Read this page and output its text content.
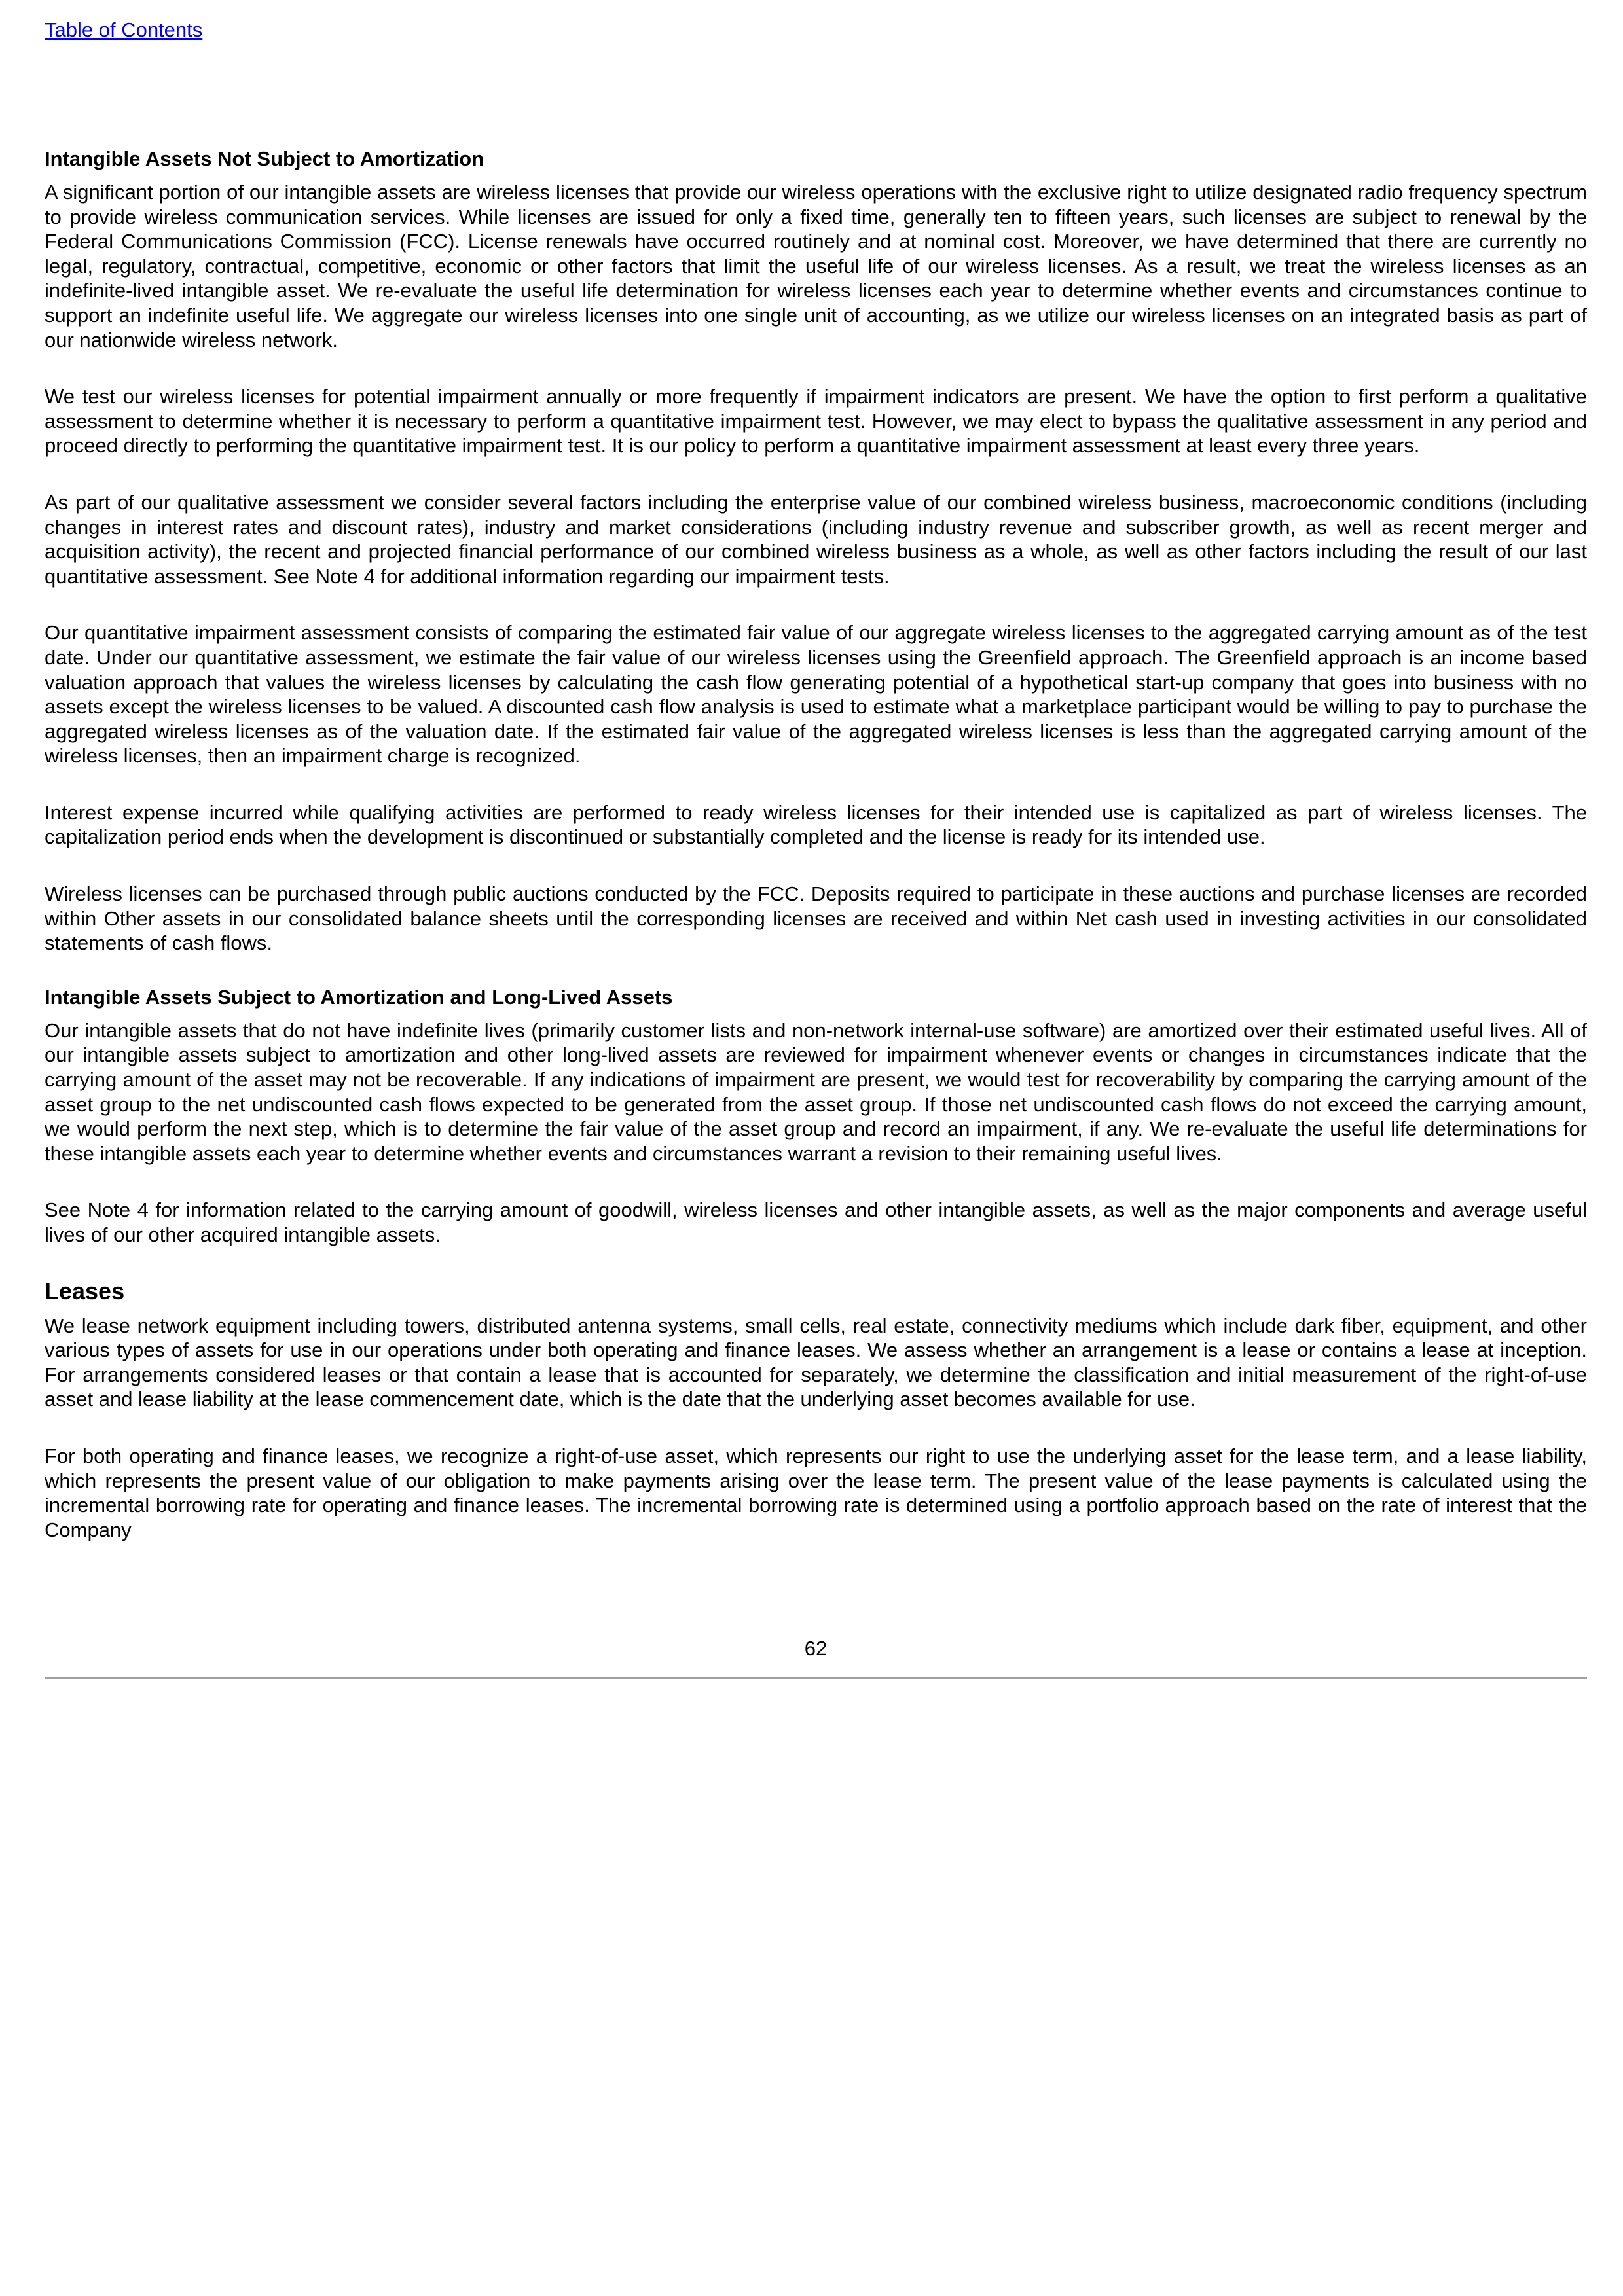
Table of Contents
Intangible Assets Not Subject to Amortization

A significant portion of our intangible assets are wireless licenses that provide our wireless operations with the exclusive right to utilize designated radio frequency spectrum to provide wireless communication services. While licenses are issued for only a fixed time, generally ten to fifteen years, such licenses are subject to renewal by the Federal Communications Commission (FCC). License renewals have occurred routinely and at nominal cost. Moreover, we have determined that there are currently no legal, regulatory, contractual, competitive, economic or other factors that limit the useful life of our wireless licenses. As a result, we treat the wireless licenses as an indefinite-lived intangible asset. We re-evaluate the useful life determination for wireless licenses each year to determine whether events and circumstances continue to support an indefinite useful life. We aggregate our wireless licenses into one single unit of accounting, as we utilize our wireless licenses on an integrated basis as part of our nationwide wireless network.

We test our wireless licenses for potential impairment annually or more frequently if impairment indicators are present. We have the option to first perform a qualitative assessment to determine whether it is necessary to perform a quantitative impairment test. However, we may elect to bypass the qualitative assessment in any period and proceed directly to performing the quantitative impairment test. It is our policy to perform a quantitative impairment assessment at least every three years.

As part of our qualitative assessment we consider several factors including the enterprise value of our combined wireless business, macroeconomic conditions (including changes in interest rates and discount rates), industry and market considerations (including industry revenue and subscriber growth, as well as recent merger and acquisition activity), the recent and projected financial performance of our combined wireless business as a whole, as well as other factors including the result of our last quantitative assessment. See Note 4 for additional information regarding our impairment tests.

Our quantitative impairment assessment consists of comparing the estimated fair value of our aggregate wireless licenses to the aggregated carrying amount as of the test date. Under our quantitative assessment, we estimate the fair value of our wireless licenses using the Greenfield approach. The Greenfield approach is an income based valuation approach that values the wireless licenses by calculating the cash flow generating potential of a hypothetical start-up company that goes into business with no assets except the wireless licenses to be valued. A discounted cash flow analysis is used to estimate what a marketplace participant would be willing to pay to purchase the aggregated wireless licenses as of the valuation date. If the estimated fair value of the aggregated wireless licenses is less than the aggregated carrying amount of the wireless licenses, then an impairment charge is recognized.

Interest expense incurred while qualifying activities are performed to ready wireless licenses for their intended use is capitalized as part of wireless licenses. The capitalization period ends when the development is discontinued or substantially completed and the license is ready for its intended use.

Wireless licenses can be purchased through public auctions conducted by the FCC. Deposits required to participate in these auctions and purchase licenses are recorded within Other assets in our consolidated balance sheets until the corresponding licenses are received and within Net cash used in investing activities in our consolidated statements of cash flows.

Intangible Assets Subject to Amortization and Long-Lived Assets

Our intangible assets that do not have indefinite lives (primarily customer lists and non-network internal-use software) are amortized over their estimated useful lives. All of our intangible assets subject to amortization and other long-lived assets are reviewed for impairment whenever events or changes in circumstances indicate that the carrying amount of the asset may not be recoverable. If any indications of impairment are present, we would test for recoverability by comparing the carrying amount of the asset group to the net undiscounted cash flows expected to be generated from the asset group. If those net undiscounted cash flows do not exceed the carrying amount, we would perform the next step, which is to determine the fair value of the asset group and record an impairment, if any. We re-evaluate the useful life determinations for these intangible assets each year to determine whether events and circumstances warrant a revision to their remaining useful lives.

See Note 4 for information related to the carrying amount of goodwill, wireless licenses and other intangible assets, as well as the major components and average useful lives of our other acquired intangible assets.

Leases

We lease network equipment including towers, distributed antenna systems, small cells, real estate, connectivity mediums which include dark fiber, equipment, and other various types of assets for use in our operations under both operating and finance leases. We assess whether an arrangement is a lease or contains a lease at inception. For arrangements considered leases or that contain a lease that is accounted for separately, we determine the classification and initial measurement of the right-of-use asset and lease liability at the lease commencement date, which is the date that the underlying asset becomes available for use.

For both operating and finance leases, we recognize a right-of-use asset, which represents our right to use the underlying asset for the lease term, and a lease liability, which represents the present value of our obligation to make payments arising over the lease term. The present value of the lease payments is calculated using the incremental borrowing rate for operating and finance leases. The incremental borrowing rate is determined using a portfolio approach based on the rate of interest that the Company

62
